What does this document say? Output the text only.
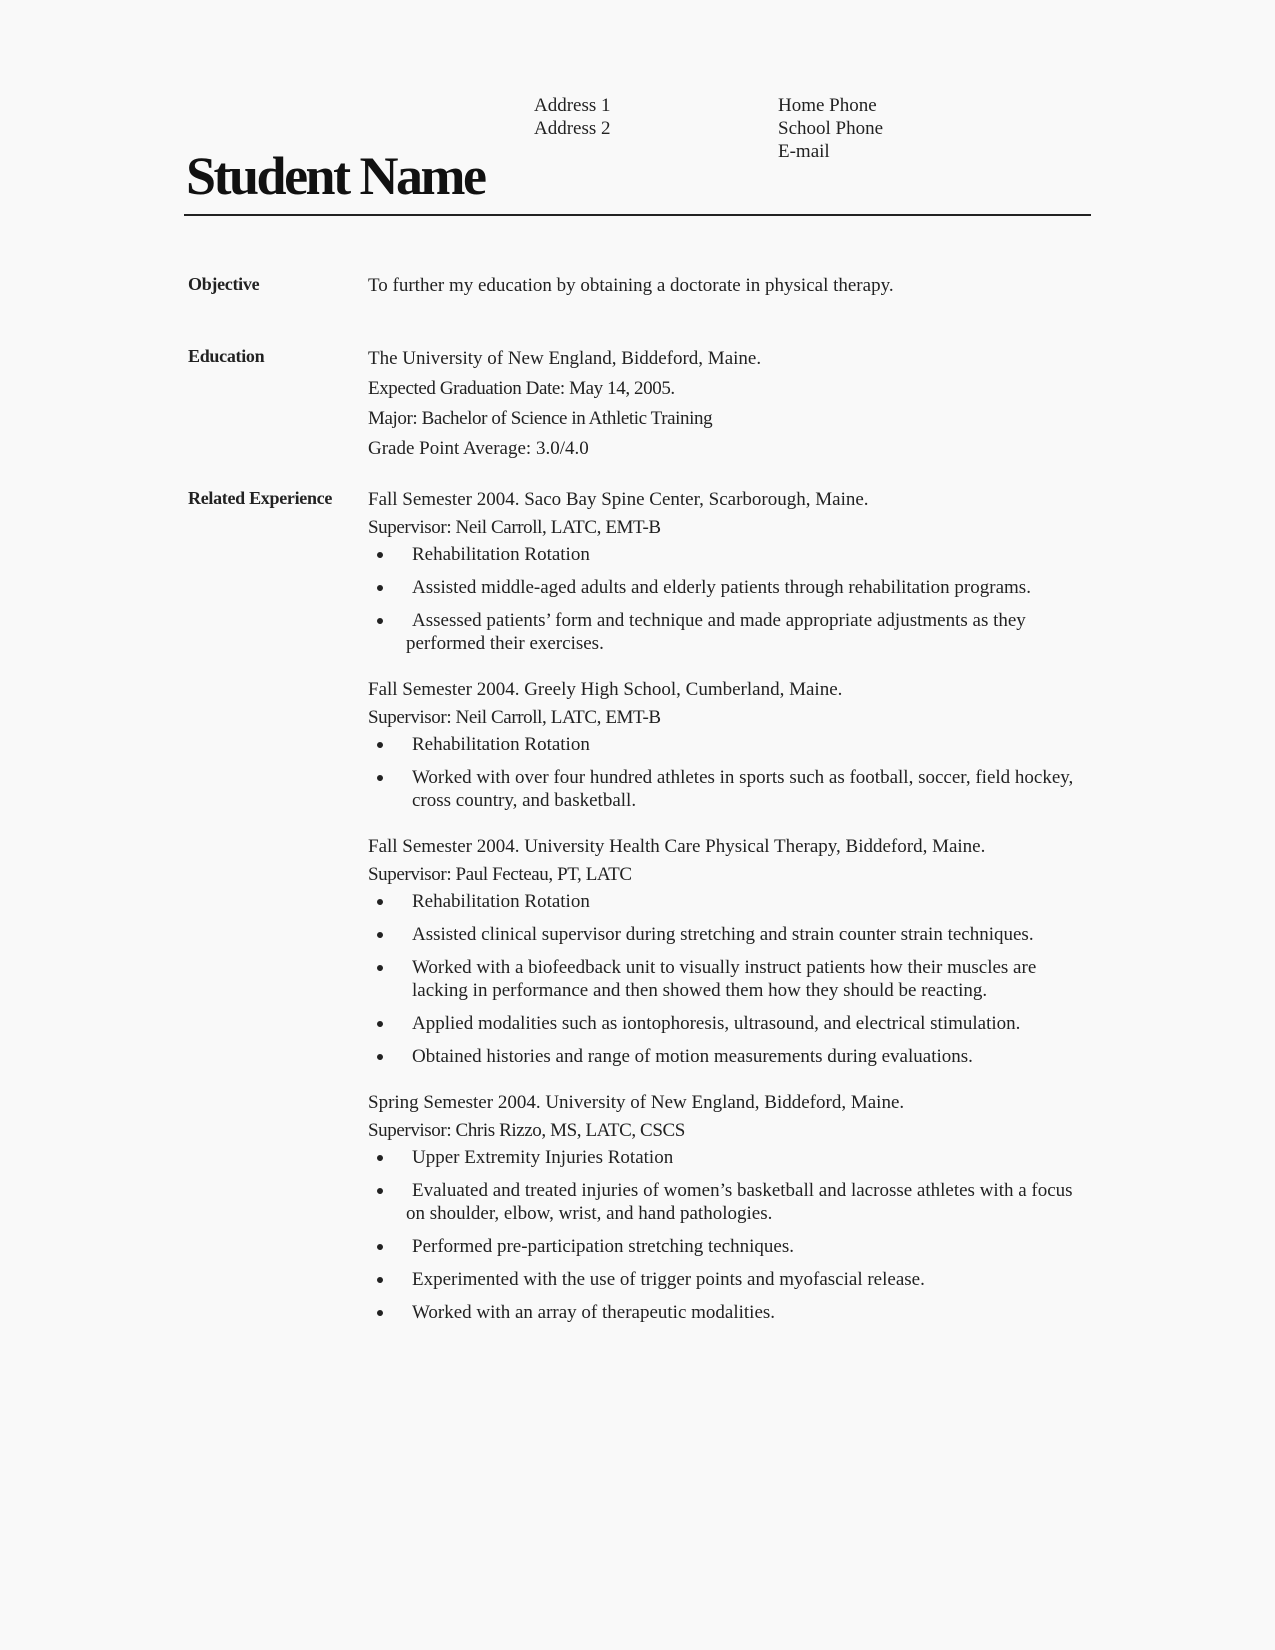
Address 1
Address 2
Home Phone
School Phone
E-mail
Student Name
Objective	To further my education by obtaining a doctorate in physical therapy.
Education	The University of New England, Biddeford, Maine.
Expected Graduation Date: May 14, 2005.
Major: Bachelor of Science in Athletic Training
Grade Point Average: 3.0/4.0
Related Experience Fall Semester 2004. Saco Bay Spine Center, Scarborough, Maine.
Supervisor: Neil Carroll, LATC, EMT-B
Rehabilitation Rotation
Assisted middle-aged adults and elderly patients through rehabilitation programs.
Assessed patients’ form and technique and made appropriate adjustments as they performed their exercises.
Fall Semester 2004. Greely High School, Cumberland, Maine.
Supervisor: Neil Carroll, LATC, EMT-B
Rehabilitation Rotation
Worked with over four hundred athletes in sports such as football, soccer, field hockey, cross country, and basketball.
Fall Semester 2004. University Health Care Physical Therapy, Biddeford, Maine.
Supervisor: Paul Fecteau, PT, LATC
Rehabilitation Rotation
Assisted clinical supervisor during stretching and strain counter strain techniques.
Worked with a biofeedback unit to visually instruct patients how their muscles are lacking in performance and then showed them how they should be reacting.
Applied modalities such as iontophoresis, ultrasound, and electrical stimulation.
Obtained histories and range of motion measurements during evaluations.
Spring Semester 2004. University of New England, Biddeford, Maine.
Supervisor: Chris Rizzo, MS, LATC, CSCS
Upper Extremity Injuries Rotation
Evaluated and treated injuries of women’s basketball and lacrosse athletes with a focus on shoulder, elbow, wrist, and hand pathologies.
Performed pre-participation stretching techniques.
Experimented with the use of trigger points and myofascial release.
Worked with an array of therapeutic modalities.
